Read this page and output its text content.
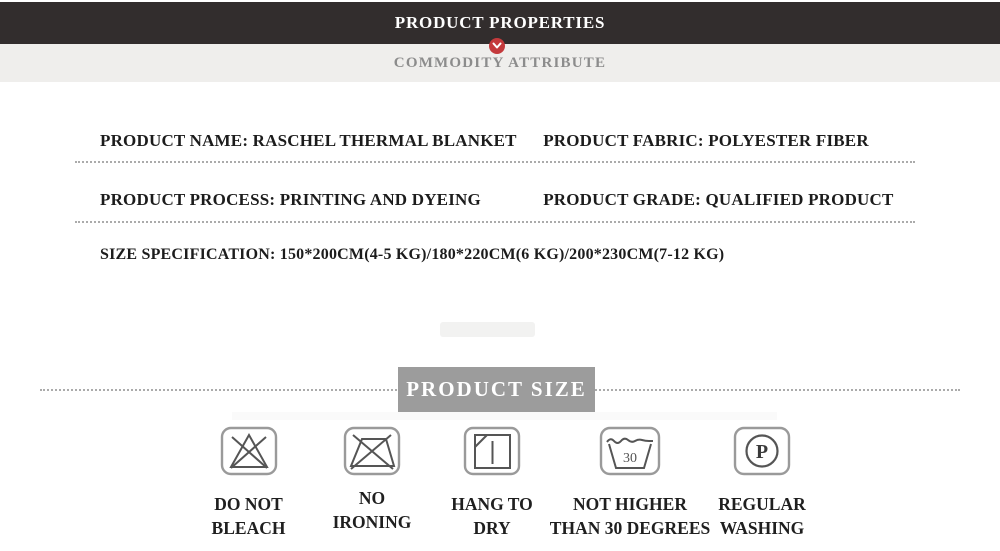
PRODUCT PROPERTIES
COMMODITY ATTRIBUTE
PRODUCT NAME: RASCHEL THERMAL BLANKET	PRODUCT FABRIC: POLYESTER FIBER
PRODUCT PROCESS: PRINTING AND DYEING	PRODUCT GRADE: QUALIFIED PRODUCT
SIZE SPECIFICATION: 150*200CM(4-5 KG)/180*220CM(6 KG)/200*230CM(7-12 KG)
PRODUCT SIZE
DO NOT
BLEACH
NO
IRONING
HANG TO
DRY
30
NOT HIGHER
THAN 30 DEGREES
P
REGULAR
WASHING
